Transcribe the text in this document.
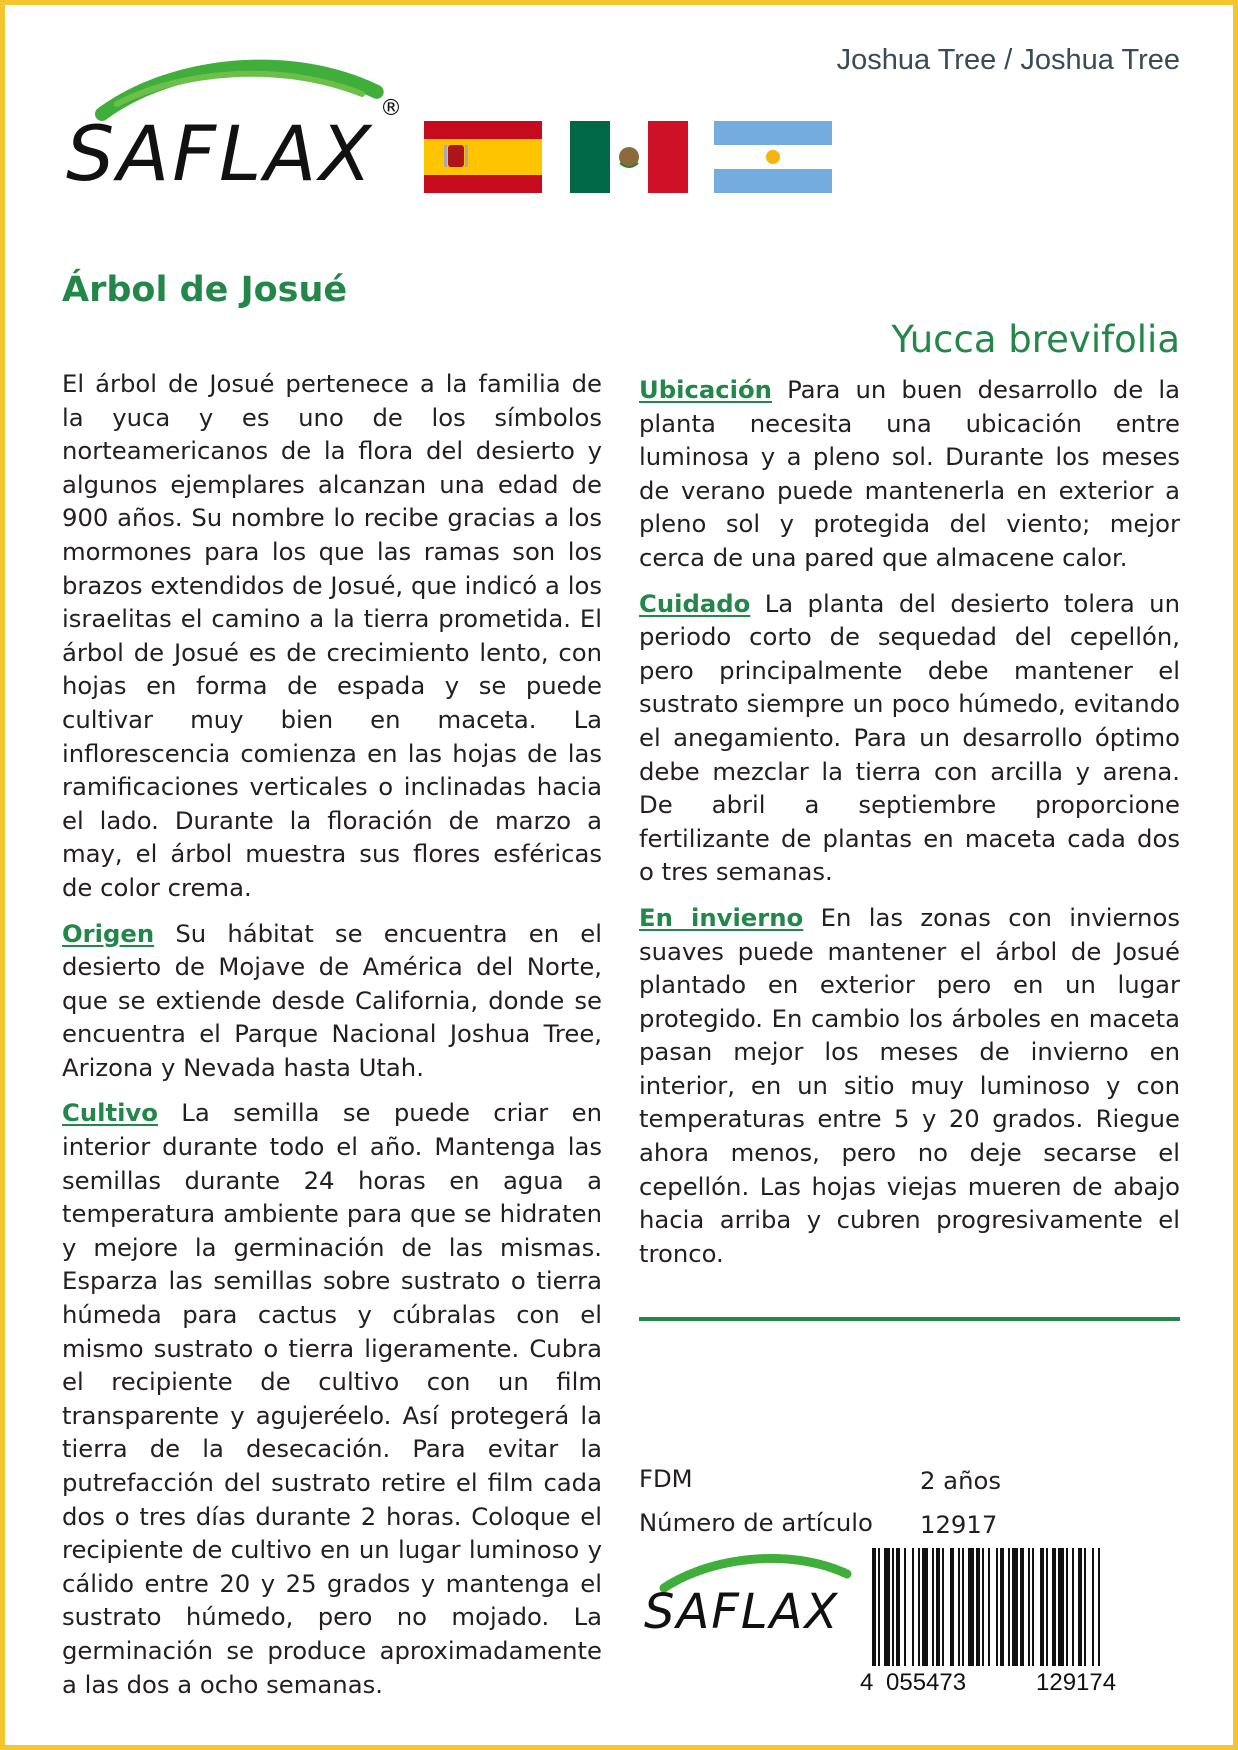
Joshua Tree / Joshua Tree
SAFLAX
®
Árbol de Josué
Yucca brevifolia

El árbol de Josué pertenece a la familia de la yuca y es uno de los símbolos norteamericanos de la flora del desierto y algunos ejemplares alcanzan una edad de 900 años. Su nombre lo recibe gracias a los mormones para los que las ramas son los brazos extendidos de Josué, que indicó a los israelitas el camino a la tierra prometida. El árbol de Josué es de crecimiento lento, con hojas en forma de espada y se puede cultivar muy bien en maceta. La inflorescencia comienza en las hojas de las ramificaciones verticales o inclinadas hacia el lado. Durante la floración de marzo a may, el árbol muestra sus flores esféricas de color crema.

Origen Su hábitat se encuentra en el desierto de Mojave de América del Norte, que se extiende desde California, donde se encuentra el Parque Nacional Joshua Tree, Arizona y Nevada hasta Utah.

Cultivo La semilla se puede criar en interior durante todo el año. Mantenga las semillas durante 24 horas en agua a temperatura ambiente para que se hidraten y mejore la germinación de las mismas. Esparza las semillas sobre sustrato o tierra húmeda para cactus y cúbralas con el mismo sustrato o tierra ligeramente. Cubra el recipiente de cultivo con un film transparente y agujeréelo. Así protegerá la tierra de la desecación. Para evitar la putrefacción del sustrato retire el film cada dos o tres días durante 2 horas. Coloque el recipiente de cultivo en un lugar luminoso y cálido entre 20 y 25 grados y mantenga el sustrato húmedo, pero no mojado. La germinación se produce aproximadamente a las dos a ocho semanas.

Ubicación Para un buen desarrollo de la planta necesita una ubicación entre luminosa y a pleno sol. Durante los meses de verano puede mantenerla en exterior a pleno sol y protegida del viento; mejor cerca de una pared que almacene calor.

Cuidado La planta del desierto tolera un periodo corto de sequedad del cepellón, pero principalmente debe mantener el sustrato siempre un poco húmedo, evitando el anegamiento. Para un desarrollo óptimo debe mezclar la tierra con arcilla y arena. De abril a septiembre proporcione fertilizante de plantas en maceta cada dos o tres semanas.

En invierno En las zonas con inviernos suaves puede mantener el árbol de Josué plantado en exterior pero en un lugar protegido. En cambio los árboles en maceta pasan mejor los meses de invierno en interior, en un sitio muy luminoso y con temperaturas entre 5 y 20 grados. Riegue ahora menos, pero no deje secarse el cepellón. Las hojas viejas mueren de abajo hacia arriba y cubren progresivamente el tronco.

FDM	2 años
Número de artículo 12917
SAFLAX
4 055473	129174
